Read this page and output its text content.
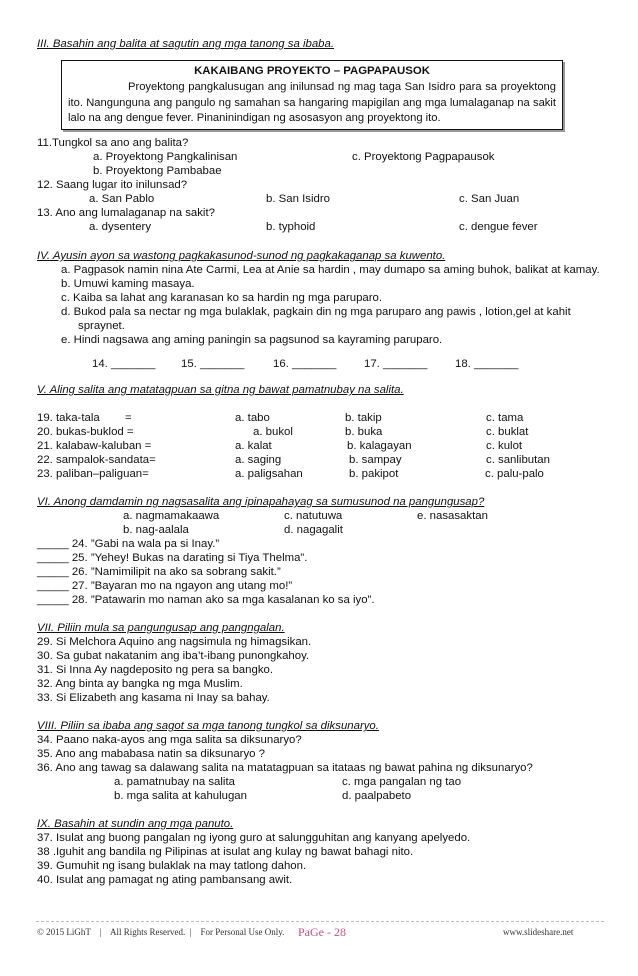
III. Basahin ang balita at sagutin ang mga tanong sa ibaba.
KAKAIBANG PROYEKTO – PAGPAPAUSOK
Proyektong pangkalusugan ang inilunsad ng mag taga San Isidro para sa proyektong ito. Nangunguna ang pangulo ng samahan sa hangaring mapigilan ang mga lumalaganap na sakit lalo na ang dengue fever. Pinaninindigan ng asosasyon ang proyektong ito.
11.Tungkol sa ano ang balita?
a. Proyektong Pangkalinisan	c. Proyektong Pagpapausok
b. Proyektong Pambabae
12. Saang lugar ito inilunsad?
a. San Pablo	b. San Isidro	c. San Juan
13. Ano ang lumalaganap na sakit?
a. dysentery	b. typhoid	c. dengue fever
IV. Ayusin ayon sa wastong pagkakasunod-sunod ng pagkakaganap sa kuwento.
a. Pagpasok namin nina Ate Carmi, Lea at Anie sa hardin , may dumapo sa aming buhok, balikat at kamay.
b. Umuwi kaming masaya.
c. Kaiba sa lahat ang karanasan ko sa hardin ng mga paruparo.
d. Bukod pala sa nectar ng mga bulaklak, pagkain din ng mga paruparo ang pawis , lotion,gel at kahit
spraynet.
e. Hindi nagsawa ang aming paningin sa pagsunod sa kayraming paruparo.
14. _______ 15. _______	16. _______ 17. _______ 18. _______
V. Aling salita ang matatagpuan sa gitna ng bawat pamatnubay na salita.
19. taka-tala        =	a. tabo	b. takip	c. tama
20. bukas-buklod =	a. bukol	b. buka	c. buklat
21. kalabaw-kaluban =	a. kalat	b. kalagayan	c. kulot
22. sampalok-sandata=	a. saging	b. sampay	c. sanlibutan
23. paliban–paliguan=	a. paligsahan	b. pakipot	c. palu-palo
VI. Anong damdamin ng nagsasalita ang ipinapahayag sa sumusunod na pangungusap?
a. nagmamakaawa	c. natutuwa	e. nasasaktan
b. nag-aalala	d. nagagalit
_____ 24. ”Gabi na wala pa si Inay.”
_____ 25. ”Yehey! Bukas na darating si Tiya Thelma”.
_____ 26. ”Namimilipit na ako sa sobrang sakit.”
_____ 27. ”Bayaran mo na ngayon ang utang mo!”
_____ 28. ”Patawarin mo naman ako sa mga kasalanan ko sa iyo”.
VII. Piliin mula sa pangungusap ang pangngalan.
29. Si Melchora Aquino ang nagsimula ng himagsikan.
30. Sa gubat nakatanim ang iba’t-ibang punongkahoy.
31. Si Inna Ay nagdeposito ng pera sa bangko.
32. Ang binta ay bangka ng mga Muslim.
33. Si Elizabeth ang kasama ni Inay sa bahay.
VIII. Piliin sa ibaba ang sagot sa mga tanong tungkol sa diksunaryo.
34. Paano naka-ayos ang mga salita sa diksunaryo?
35. Ano ang mababasa natin sa diksunaryo ?
36. Ano ang tawag sa dalawang salita na matatagpuan sa itataas ng bawat pahina ng diksunaryo?
a. pamatnubay na salita	c. mga pangalan ng tao
b. mga salita at kahulugan	d. paalpabeto
IX. Basahin at sundin ang mga panuto.
37. Isulat ang buong pangalan ng iyong guro at salungguhitan ang kanyang apelyedo.
38 .Iguhit ang bandila ng Pilipinas at isulat ang kulay ng bawat bahagi nito.
39. Gumuhit ng isang bulaklak na may tatlong dahon.
40. Isulat ang pamagat ng ating pambansang awit.
© 2015 LiGhT    |    All Rights Reserved.  |    For Personal Use Only. PaGe - 28	www.slideshare.net
